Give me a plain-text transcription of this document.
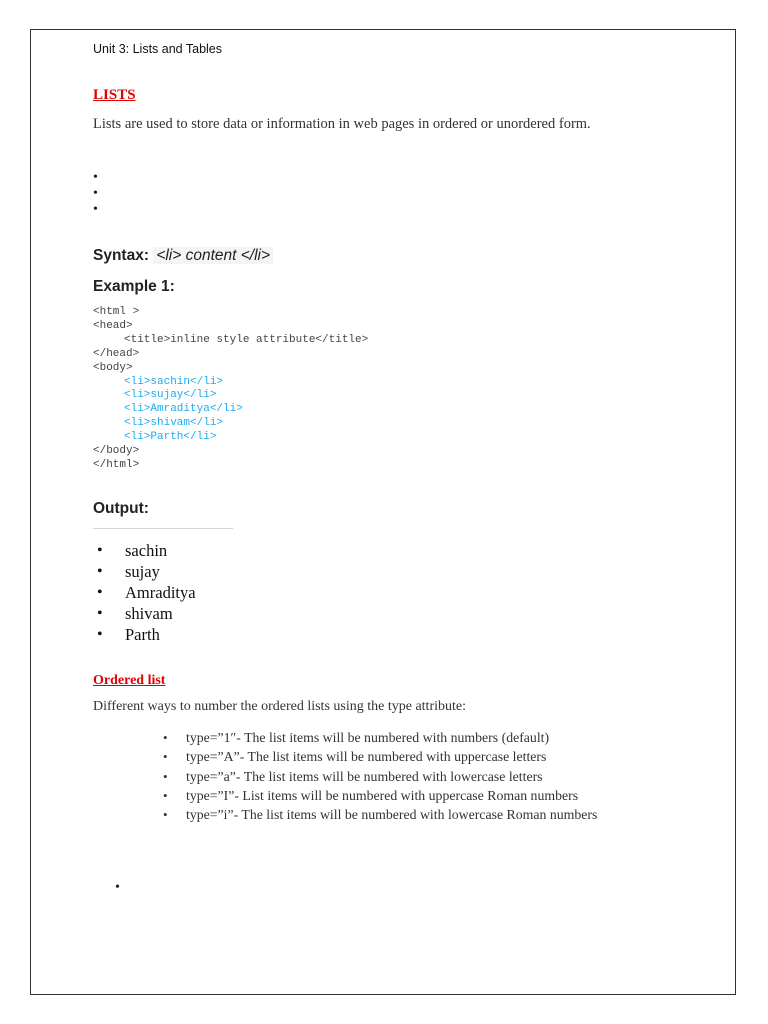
Unit 3: Lists and Tables
LISTS
Lists are used to store data or information in web pages in ordered or unordered form.
Syntax: <li> content </li>
Example 1:
<html >
<head>
<title>inline style attribute</title>
</head>
<body>
<li>sachin</li>
<li>sujay</li>
<li>Amraditya</li>
<li>shivam</li>
<li>Parth</li>
</body>
</html>
Output:
• sachin
• sujay
• Amraditya
• shivam
• Parth
Ordered list
Different ways to number the ordered lists using the type attribute:
• type=”1″- The list items will be numbered with numbers (default)
• type=”A”- The list items will be numbered with uppercase letters
• type=”a”- The list items will be numbered with lowercase letters
• type=”I”- List items will be numbered with uppercase Roman numbers
• type=”i”- The list items will be numbered with lowercase Roman numbers
•
